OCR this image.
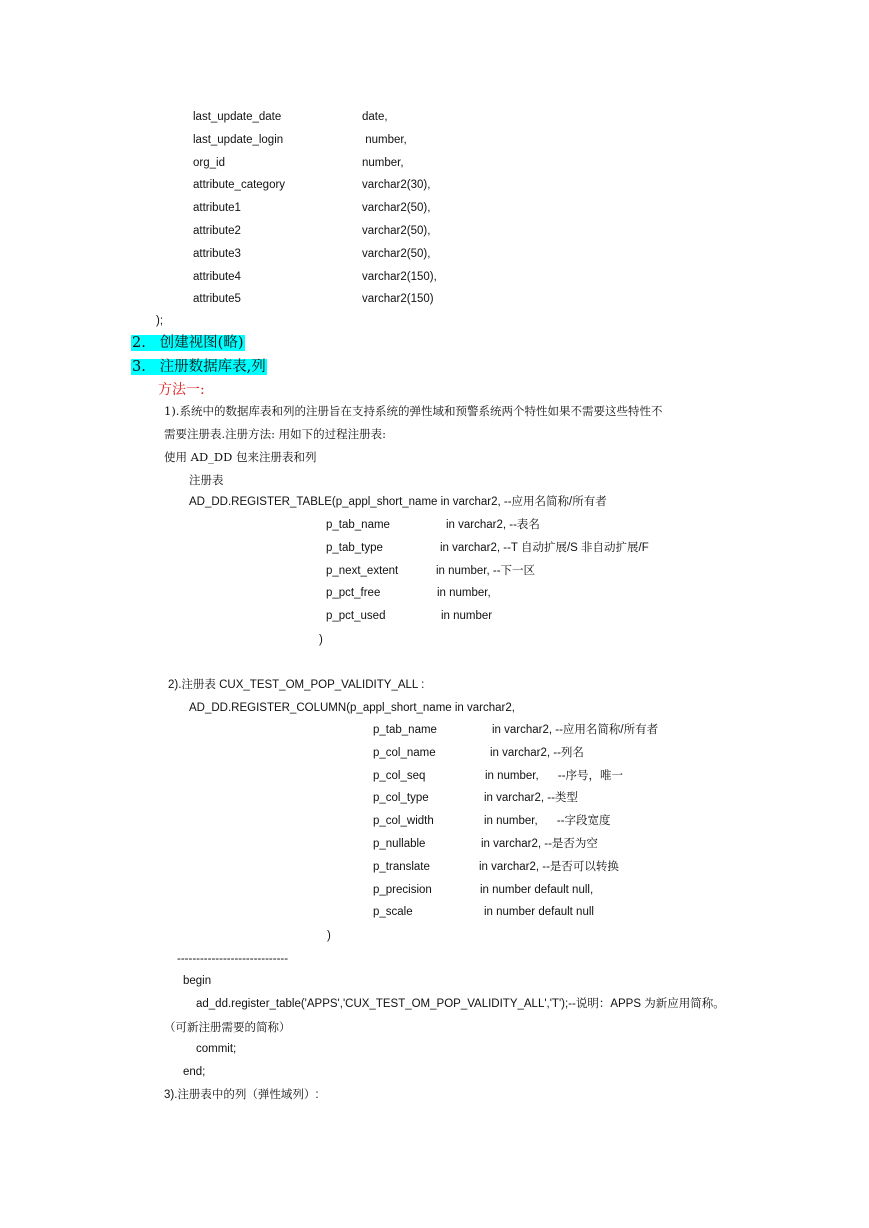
last_update_date	date,
last_update_login	number,
org_id	number,
attribute_category	varchar2(30),
attribute1	varchar2(50),
attribute2	varchar2(50),
attribute3	varchar2(50),
attribute4	varchar2(150),
attribute5	varchar2(150)
);
2. 创建视图(略)
3. 注册数据库表,列
方法一:
1).系统中的数据库表和列的注册旨在支持系统的弹性域和预警系统两个特性如果不需要这些特性不
需要注册表.注册方法: 用如下的过程注册表:
使用 AD_DD 包来注册表和列
注册表
AD_DD.REGISTER_TABLE(p_appl_short_name in varchar2, --应用名简称/所有者
p_tab_name	in varchar2, --表名
p_tab_type	in varchar2, --T 自动扩展/S 非自动扩展/F
p_next_extent	in number, --下一区
p_pct_free	in number,
p_pct_used	in number
)
2).注册表 CUX_TEST_OM_POP_VALIDITY_ALL :
AD_DD.REGISTER_COLUMN(p_appl_short_name in varchar2,
p_tab_name	in varchar2, --应用名简称/所有者
p_col_name	in varchar2, --列名
p_col_seq	in number,      --序号，唯一
p_col_type	in varchar2, --类型
p_col_width	in number,      --字段宽度
p_nullable	in varchar2, --是否为空
p_translate	in varchar2, --是否可以转换
p_precision	in number default null,
p_scale	in number default null
)
-----------------------------
begin
ad_dd.register_table('APPS','CUX_TEST_OM_POP_VALIDITY_ALL','T');--说明：APPS 为新应用简称。
（可新注册需要的简称）
commit;
end;
3).注册表中的列（弹性域列）:
